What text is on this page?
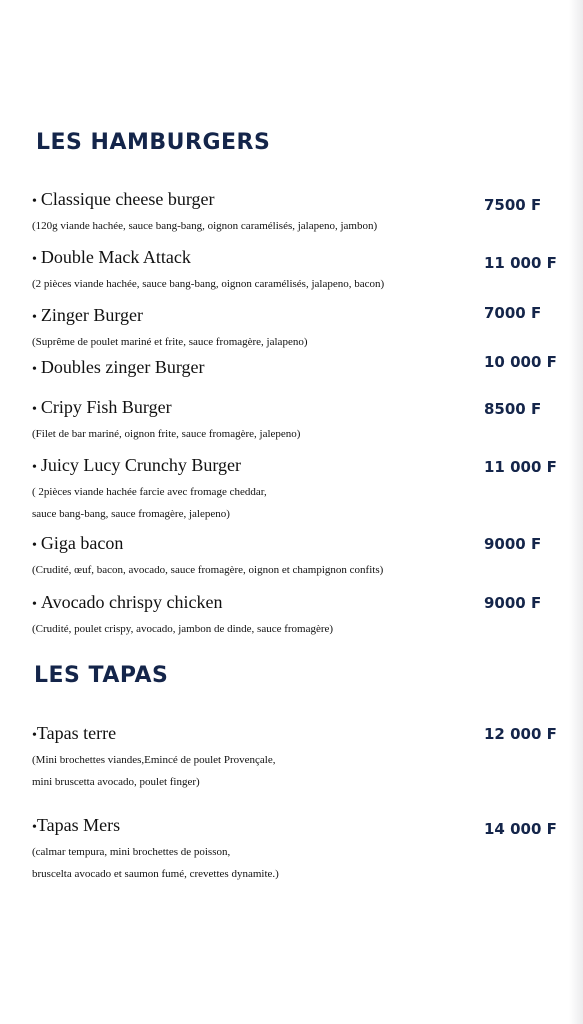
LES HAMBURGERS
• Classique cheese burger
(120g viande hachée, sauce bang-bang, oignon caramélisés, jalapeno, jambon)
7500 F
• Double Mack Attack
(2 pièces viande hachée, sauce bang-bang, oignon caramélisés, jalapeno, bacon)
11 000 F
• Zinger Burger
(Suprême de poulet mariné et frite, sauce fromagère, jalapeno)
7000 F
• Doubles zinger Burger	10 000 F
• Cripy Fish Burger
(Filet de bar mariné, oignon frite, sauce fromagère, jalepeno)
8500 F
• Juicy Lucy Crunchy Burger
( 2pièces viande hachée farcie avec fromage cheddar,
sauce bang-bang, sauce fromagère, jalepeno)
11 000 F
• Giga bacon
(Crudité, œuf, bacon, avocado, sauce fromagère, oignon et champignon confits)
9000 F
• Avocado chrispy chicken
(Crudité, poulet crispy, avocado, jambon de dinde, sauce fromagère)
9000 F
LES TAPAS
•Tapas terre
(Mini brochettes viandes,Emincé de poulet Provençale,
mini bruscetta avocado, poulet finger)
12 000 F
•Tapas Mers
(calmar tempura, mini brochettes de poisson,
bruscelta avocado et saumon fumé, crevettes dynamite.)
14 000 F
